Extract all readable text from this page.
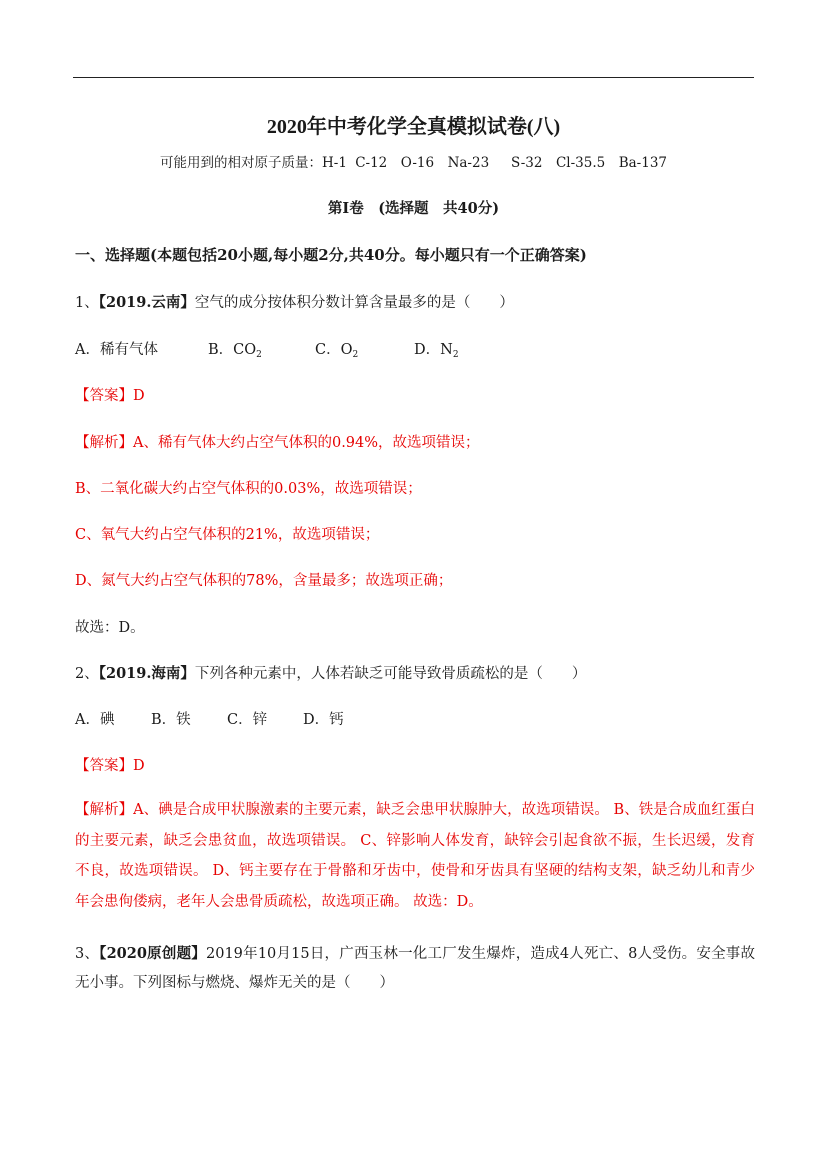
2020年中考化学全真模拟试卷(八)
可能用到的相对原子质量：H-1 C-12　O-16　Na-23　 S-32　Cl-35.5　Ba-137
第Ⅰ卷　(选择题　共40分)
一、选择题(本题包括20小题,每小题2分,共40分。每小题只有一个正确答案)
1、【2019.云南】空气的成分按体积分数计算含量最多的是（　　）
A．稀有气体	B．$CO_2$	C．$O_2$	D．$N_2$
【答案】D
【解析】A、稀有气体大约占空气体积的0.94%，故选项错误；
B、二氧化碳大约占空气体积的0.03%，故选项错误；
C、氧气大约占空气体积的21%，故选项错误；
D、氮气大约占空气体积的78%，含量最多；故选项正确；
故选：D。
2、【2019.海南】下列各种元素中，人体若缺乏可能导致骨质疏松的是（　　）
A．碘	B．铁	C．锌 D．钙
【答案】D
【解析】A、碘是合成甲状腺激素的主要元素，缺乏会患甲状腺肿大，故选项错误。 B、铁是合成血红蛋白的主要元素，缺乏会患贫血，故选项错误。 C、锌影响人体发育，缺锌会引起食欲不振，生长迟缓，发育不良，故选项错误。 D、钙主要存在于骨骼和牙齿中，使骨和牙齿具有坚硬的结构支架，缺乏幼儿和青少年会患佝偻病，老年人会患骨质疏松，故选项正确。 故选：D。
3、【2020原创题】2019年10月15日，广西玉林一化工厂发生爆炸，造成4人死亡、8人受伤。安全事故无小事。下列图标与燃烧、爆炸无关的是（　　）
